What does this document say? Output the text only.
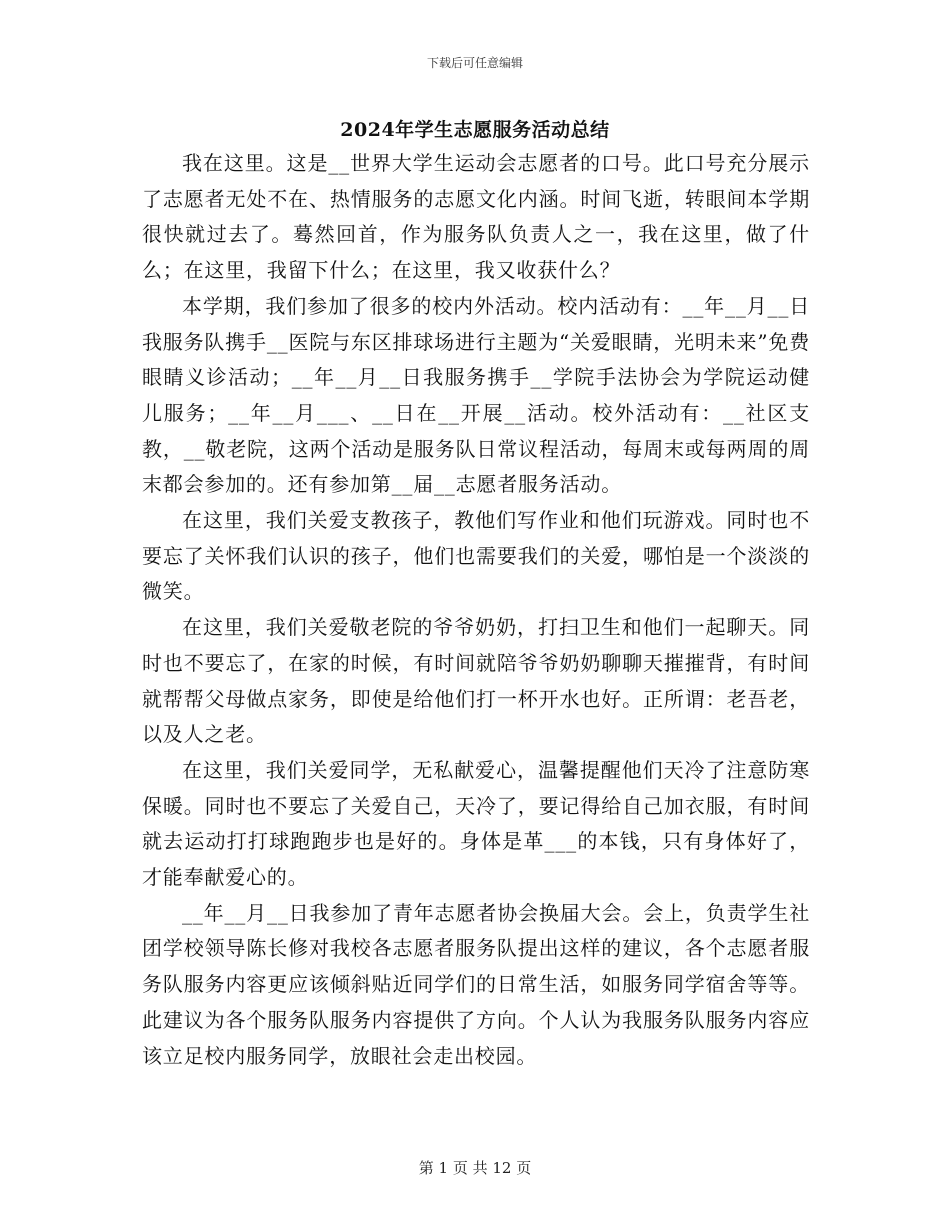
下载后可任意编辑
2024年学生志愿服务活动总结

我在这里。这是__世界大学生运动会志愿者的口号。此口号充分展示了志愿者无处不在、热情服务的志愿文化内涵。时间飞逝，转眼间本学期很快就过去了。蓦然回首，作为服务队负责人之一，我在这里，做了什么；在这里，我留下什么；在这里，我又收获什么？

本学期，我们参加了很多的校内外活动。校内活动有：__年__月__日我服务队携手__医院与东区排球场进行主题为“关爱眼睛，光明未来”免费眼睛义诊活动；__年__月__日我服务携手__学院手法协会为学院运动健儿服务；__年__月___、__日在__开展__活动。校外活动有：__社区支教，__敬老院，这两个活动是服务队日常议程活动，每周末或每两周的周末都会参加的。还有参加第__届__志愿者服务活动。

在这里，我们关爱支教孩子，教他们写作业和他们玩游戏。同时也不要忘了关怀我们认识的孩子，他们也需要我们的关爱，哪怕是一个淡淡的微笑。

在这里，我们关爱敬老院的爷爷奶奶，打扫卫生和他们一起聊天。同时也不要忘了，在家的时候，有时间就陪爷爷奶奶聊聊天摧摧背，有时间就帮帮父母做点家务，即使是给他们打一杯开水也好。正所谓：老吾老，以及人之老。

在这里，我们关爱同学，无私献爱心，温馨提醒他们天冷了注意防寒保暖。同时也不要忘了关爱自己，天冷了，要记得给自己加衣服，有时间就去运动打打球跑跑步也是好的。身体是革___的本钱，只有身体好了，才能奉献爱心的。

__年__月__日我参加了青年志愿者协会换届大会。会上，负责学生社团学校领导陈长修对我校各志愿者服务队提出这样的建议，各个志愿者服务队服务内容更应该倾斜贴近同学们的日常生活，如服务同学宿舍等等。此建议为各个服务队服务内容提供了方向。个人认为我服务队服务内容应该立足校内服务同学，放眼社会走出校园。

第 1 页 共 12 页
